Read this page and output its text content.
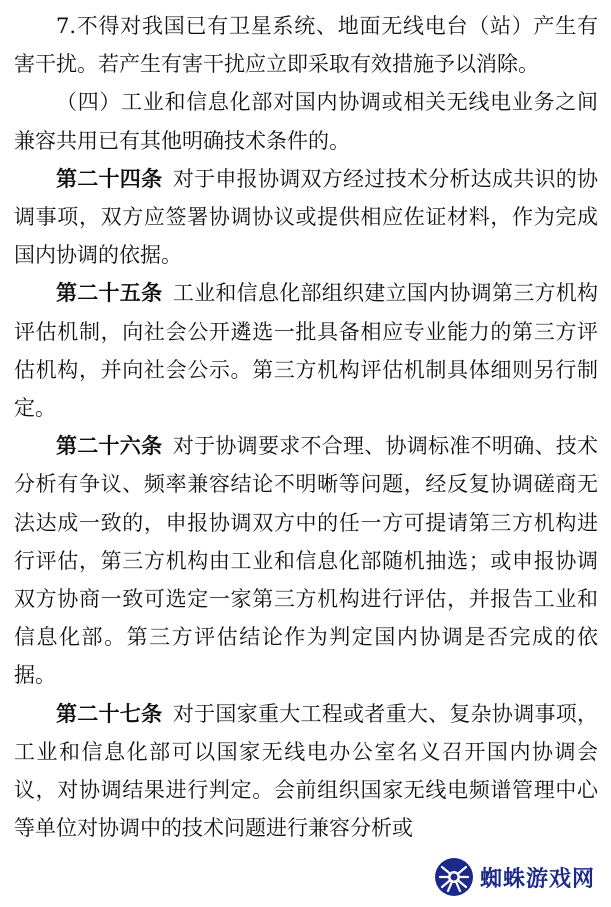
7.不得对我国已有卫星系统、地面无线电台（站）产生有害干扰。若产生有害干扰应立即采取有效措施予以消除。

（四）工业和信息化部对国内协调或相关无线电业务之间兼容共用已有其他明确技术条件的。

第二十四条 对于申报协调双方经过技术分析达成共识的协调事项，双方应签署协调协议或提供相应佐证材料，作为完成国内协调的依据。

第二十五条 工业和信息化部组织建立国内协调第三方机构评估机制，向社会公开遴选一批具备相应专业能力的第三方评估机构，并向社会公示。第三方机构评估机制具体细则另行制定。

第二十六条 对于协调要求不合理、协调标准不明确、技术分析有争议、频率兼容结论不明晰等问题，经反复协调磋商无法达成一致的，申报协调双方中的任一方可提请第三方机构进行评估，第三方机构由工业和信息化部随机抽选；或申报协调双方协商一致可选定一家第三方机构进行评估，并报告工业和信息化部。第三方评估结论作为判定国内协调是否完成的依据。

第二十七条 对于国家重大工程或者重大、复杂协调事项，工业和信息化部可以国家无线电办公室名义召开国内协调会议，对协调结果进行判定。会前组织国家无线电频谱管理中心等单位对协调中的技术问题进行兼容分析或

蜘蛛游戏网
